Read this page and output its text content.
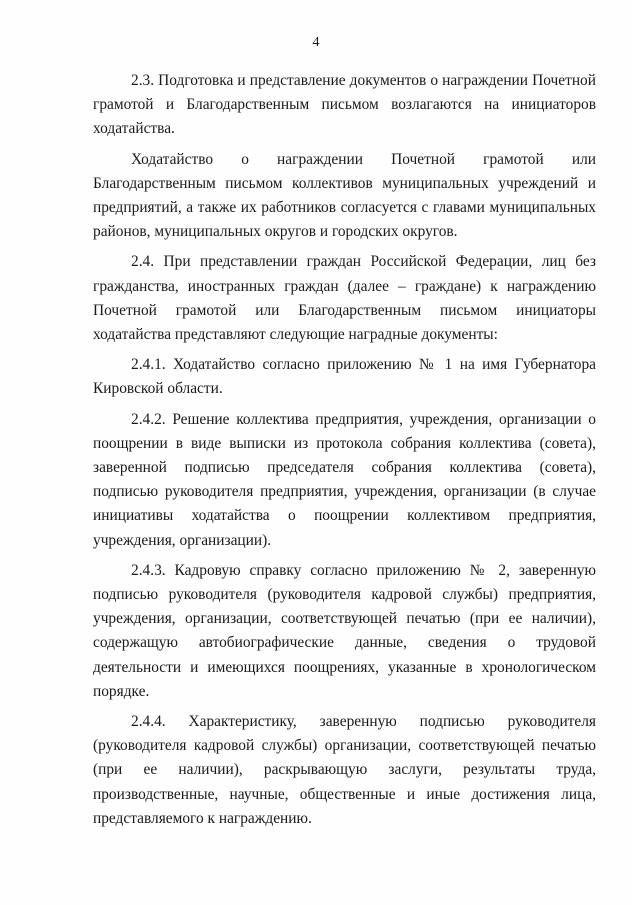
4

2.3. Подготовка и представление документов о награждении Почетной грамотой и Благодарственным письмом возлагаются на инициаторов ходатайства.

Ходатайство о награждении Почетной грамотой или Благодарственным письмом коллективов муниципальных учреждений и предприятий, а также их работников согласуется с главами муниципальных районов, муниципальных округов и городских округов.

2.4. При представлении граждан Российской Федерации, лиц без гражданства, иностранных граждан (далее – граждане) к награждению Почетной грамотой или Благодарственным письмом инициаторы ходатайства представляют следующие наградные документы:

2.4.1. Ходатайство согласно приложению № 1 на имя Губернатора Кировской области.

2.4.2. Решение коллектива предприятия, учреждения, организации о поощрении в виде выписки из протокола собрания коллектива (совета), заверенной подписью председателя собрания коллектива (совета), подписью руководителя предприятия, учреждения, организации (в случае инициативы ходатайства о поощрении коллективом предприятия, учреждения, организации).

2.4.3. Кадровую справку согласно приложению № 2, заверенную подписью руководителя (руководителя кадровой службы) предприятия, учреждения, организации, соответствующей печатью (при ее наличии), содержащую автобиографические данные, сведения о трудовой деятельности и имеющихся поощрениях, указанные в хронологическом порядке.

2.4.4. Характеристику, заверенную подписью руководителя (руководителя кадровой службы) организации, соответствующей печатью (при ее наличии), раскрывающую заслуги, результаты труда, производственные, научные, общественные и иные достижения лица, представляемого к награждению.
